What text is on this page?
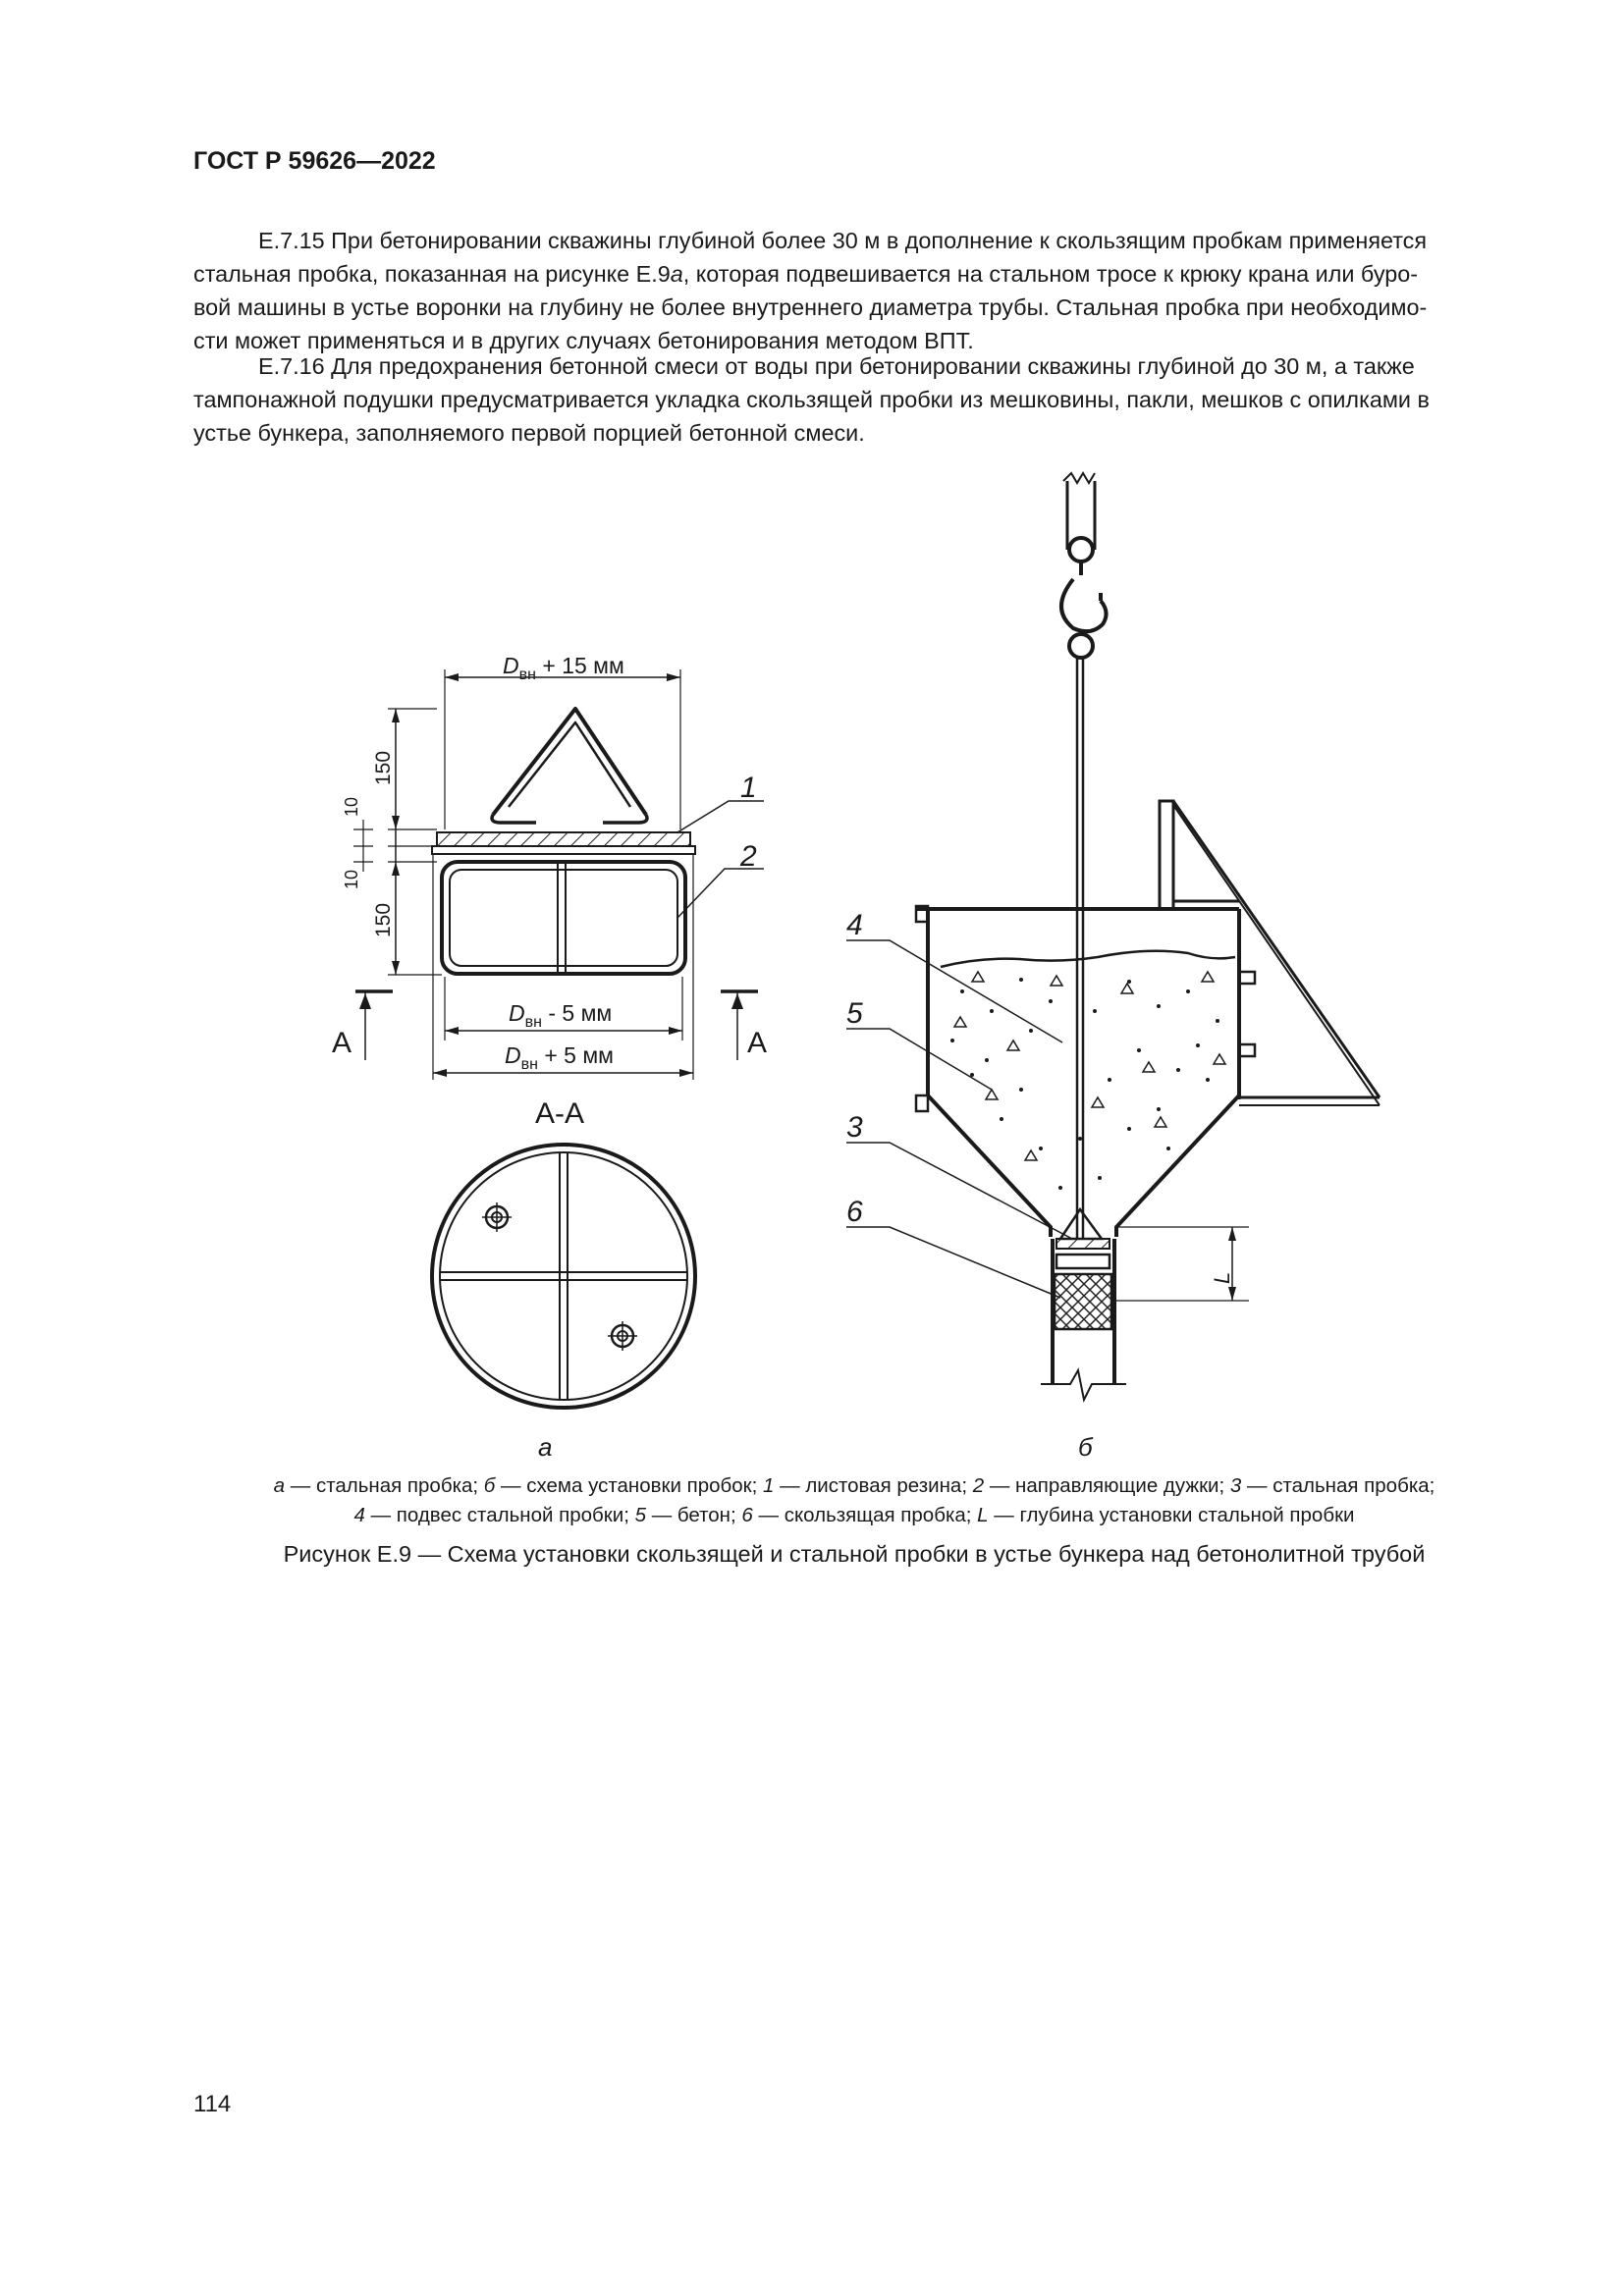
ГОСТ Р 59626—2022
Е.7.15 При бетонировании скважины глубиной более 30 м в дополнение к скользящим пробкам применяется
стальная пробка, показанная на рисунке Е.9а, которая подвешивается на стальном тросе к крюку крана или буро-
вой машины в устье воронки на глубину не более внутреннего диаметра трубы. Стальная пробка при необходимо-
сти может применяться и в других случаях бетонирования методом ВПТ.
Е.7.16 Для предохранения бетонной смеси от воды при бетонировании скважины глубиной до 30 м, а также
тампонажной подушки предусматривается укладка скользящей пробки из мешковины, пакли, мешков с опилками в
устье бункера, заполняемого первой порцией бетонной смеси.
$D_{вн} + 15$ мм
$D_{вн} - 5$ мм
$D_{вн} + 5$ мм
150
10
10
150
А	А
А-А
1
2
L
4
5
3
6
а	б
а — стальная пробка; б — схема установки пробок; 1 — листовая резина; 2 — направляющие дужки; 3 — стальная пробка;
4 — подвес стальной пробки; 5 — бетон; 6 — скользящая пробка; L — глубина установки стальной пробки
Рисунок Е.9 — Схема установки скользящей и стальной пробки в устье бункера над бетонолитной трубой
114
